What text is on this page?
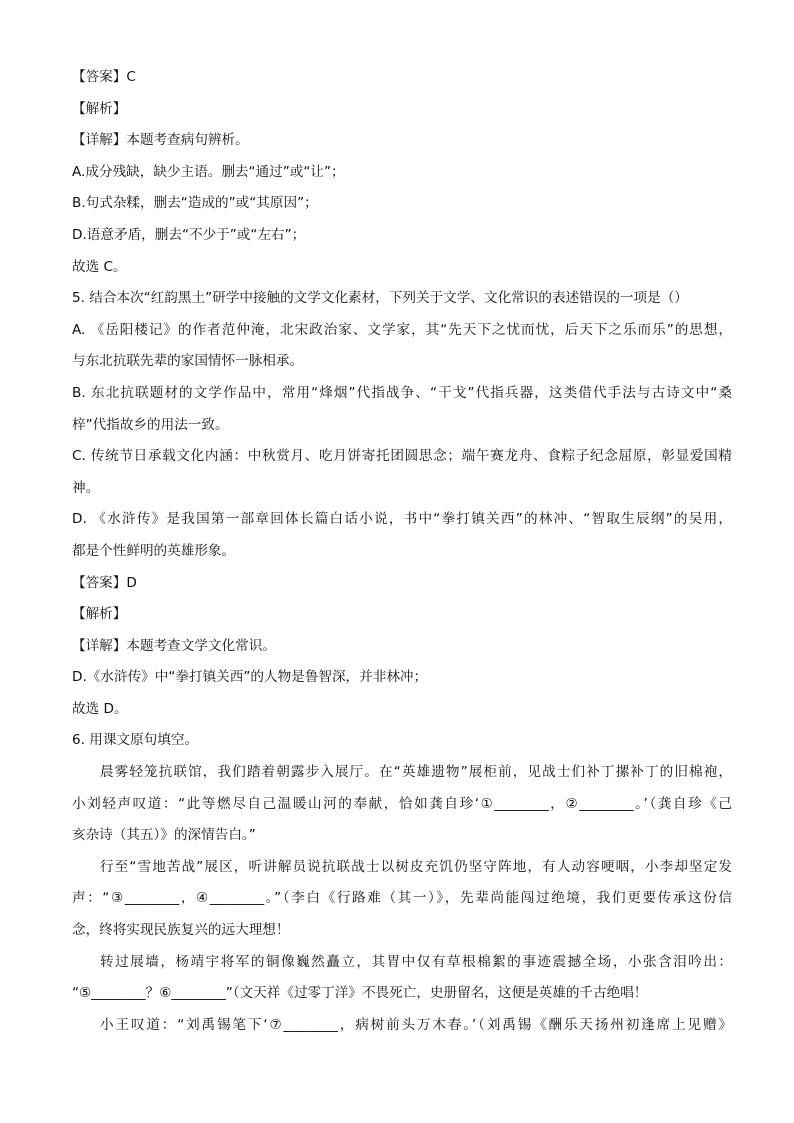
【答案】C
【解析】
【详解】本题考查病句辨析。
A.成分残缺，缺少主语。删去“通过”或“让”；
B.句式杂糅，删去“造成的”或“其原因”；
D.语意矛盾，删去“不少于”或“左右”；
故选 C。
5. 结合本次“红韵黑土”研学中接触的文学文化素材，下列关于文学、文化常识的表述错误的一项是（）
A. 《岳阳楼记》的作者范仲淹，北宋政治家、文学家，其“先天下之忧而忧，后天下之乐而乐”的思想，
与东北抗联先辈的家国情怀一脉相承。
B. 东北抗联题材的文学作品中，常用“烽烟”代指战争、“干戈”代指兵器，这类借代手法与古诗文中“桑
梓”代指故乡的用法一致。
C. 传统节日承载文化内涵：中秋赏月、吃月饼寄托团圆思念；端午赛龙舟、食粽子纪念屈原，彰显爱国精
神。
D. 《水浒传》是我国第一部章回体长篇白话小说，书中“拳打镇关西”的林冲、“智取生辰纲”的吴用，
都是个性鲜明的英雄形象。
【答案】D
【解析】
【详解】本题考查文学文化常识。
D.《水浒传》中“拳打镇关西”的人物是鲁智深，并非林冲；
故选 D。
6. 用课文原句填空。
晨雾轻笼抗联馆，我们踏着朝露步入展厅。在“英雄遗物”展柜前，见战士们补丁摞补丁的旧棉袍，
小刘轻声叹道：“此等燃尽自己温暖山河的奉献，恰如龚自珍‘①________，②________。’（龚自珍《己
亥杂诗（其五）》的深情告白。”
行至“雪地苦战”展区，听讲解员说抗联战士以树皮充饥仍坚守阵地，有人动容哽咽，小李却坚定发
声：“③________，④________。”（李白《行路难（其一）》，先辈尚能闯过绝境，我们更要传承这份信
念，终将实现民族复兴的远大理想！
转过展墙，杨靖宇将军的铜像巍然矗立，其胃中仅有草根棉絮的事迹震撼全场，小张含泪吟出：
“⑤________？⑥________”（文天祥《过零丁洋》不畏死亡，史册留名，这便是英雄的千古绝唱！
小王叹道：“刘禹锡笔下‘⑦________，病树前头万木春。’（刘禹锡《酬乐天扬州初逢席上见赠》
